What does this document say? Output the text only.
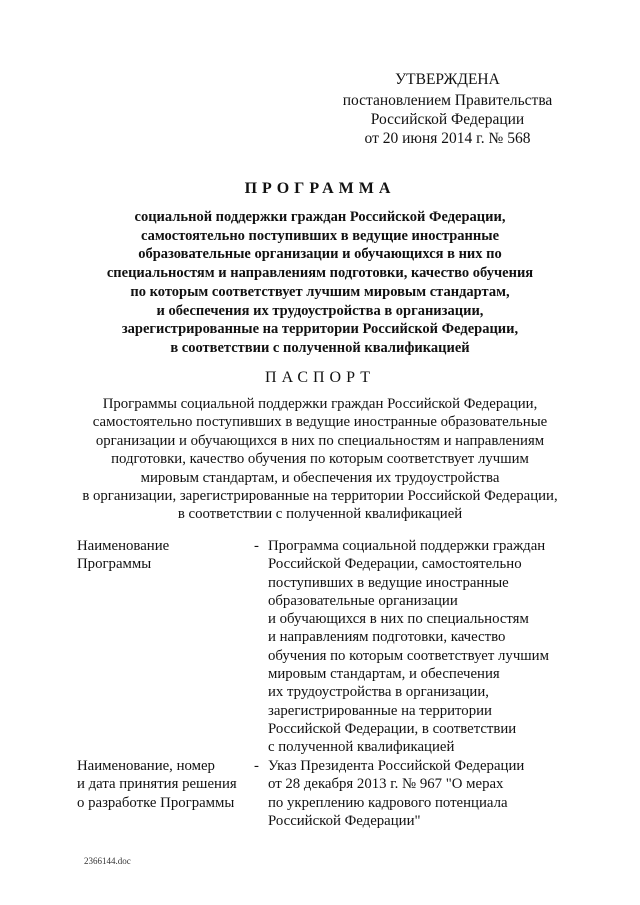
УТВЕРЖДЕНА
постановлением Правительства
Российской Федерации
от 20 июня 2014 г. № 568
ПРОГРАММА
социальной поддержки граждан Российской Федерации,
самостоятельно поступивших в ведущие иностранные
образовательные организации и обучающихся в них по
специальностям и направлениям подготовки, качество обучения
по которым соответствует лучшим мировым стандартам,
и обеспечения их трудоустройства в организации,
зарегистрированные на территории Российской Федерации,
в соответствии с полученной квалификацией
ПАСПОРТ
Программы социальной поддержки граждан Российской Федерации,
самостоятельно поступивших в ведущие иностранные образовательные
организации и обучающихся в них по специальностям и направлениям
подготовки, качество обучения по которым соответствует лучшим
мировым стандартам, и обеспечения их трудоустройства
в организации, зарегистрированные на территории Российской Федерации,
в соответствии с полученной квалификацией
Наименование
Программы
- Программа социальной поддержки граждан
Российской Федерации, самостоятельно
поступивших в ведущие иностранные
образовательные организации
и обучающихся в них по специальностям
и направлениям подготовки, качество
обучения по которым соответствует лучшим
мировым стандартам, и обеспечения
их трудоустройства в организации,
зарегистрированные на территории
Российской Федерации, в соответствии
с полученной квалификацией
Наименование, номер
и дата принятия решения
о разработке Программы
- Указ Президента Российской Федерации
от 28 декабря 2013 г. № 967 "О мерах
по укреплению кадрового потенциала
Российской Федерации"
2366144.doc
